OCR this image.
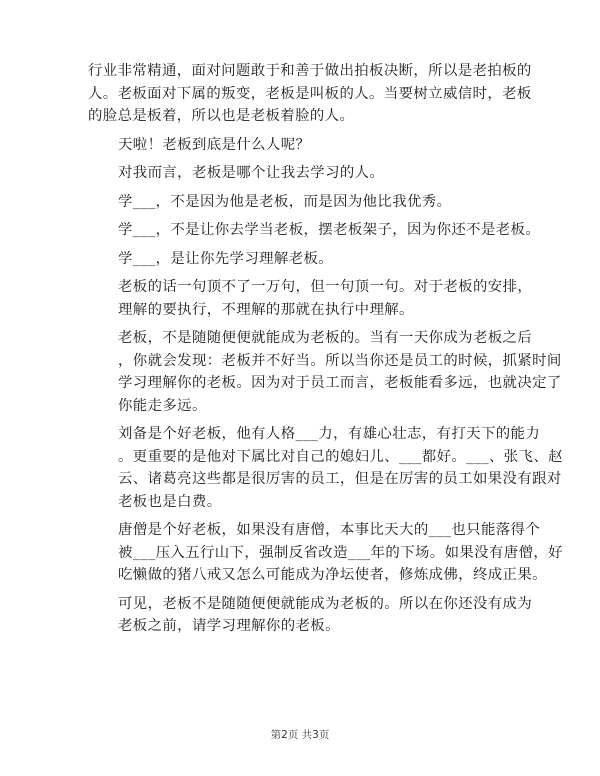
行业非常精通，面对问题敢于和善于做出拍板决断，所以是老拍板的
人。老板面对下属的叛变，老板是叫板的人。当要树立威信时，老板
的脸总是板着，所以也是老板着脸的人。

天啦！老板到底是什么人呢？

对我而言，老板是哪个让我去学习的人。

学___，不是因为他是老板，而是因为他比我优秀。

学___，不是让你去学当老板，摆老板架子，因为你还不是老板。

学___，是让你先学习理解老板。

老板的话一句顶不了一万句，但一句顶一句。对于老板的安排，
理解的要执行，不理解的那就在执行中理解。

老板，不是随随便便就能成为老板的。当有一天你成为老板之后
，你就会发现：老板并不好当。所以当你还是员工的时候，抓紧时间
学习理解你的老板。因为对于员工而言，老板能看多远，也就决定了
你能走多远。

刘备是个好老板，他有人格___力，有雄心壮志，有打天下的能力
。更重要的是他对下属比对自己的媳妇儿、___都好。___、张飞、赵
云、诸葛亮这些都是很厉害的员工，但是在厉害的员工如果没有跟对
老板也是白费。

唐僧是个好老板，如果没有唐僧，本事比天大的___也只能落得个
被___压入五行山下，强制反省改造___年的下场。如果没有唐僧，好
吃懒做的猪八戒又怎么可能成为净坛使者，修炼成佛，终成正果。

可见，老板不是随随便便就能成为老板的。所以在你还没有成为
老板之前，请学习理解你的老板。

第2页 共3页
